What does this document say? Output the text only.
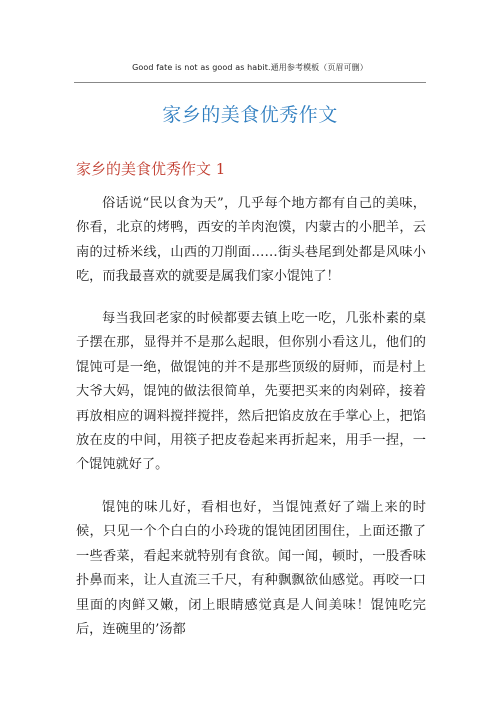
Good fate is not as good as habit.通用参考模板（页眉可删）
家乡的美食优秀作文
家乡的美食优秀作文 1

俗话说“民以食为天”，几乎每个地方都有自己的美味，你看，北京的烤鸭，西安的羊肉泡馍，内蒙古的小肥羊，云南的过桥米线，山西的刀削面……街头巷尾到处都是风味小吃，而我最喜欢的就要是属我们家小馄饨了！

每当我回老家的时候都要去镇上吃一吃，几张朴素的桌子摆在那，显得并不是那么起眼，但你别小看这儿，他们的馄饨可是一绝，做馄饨的并不是那些顶级的厨师，而是村上大爷大妈，馄饨的做法很简单，先要把买来的肉剁碎，接着再放相应的调料搅拌搅拌，然后把馅皮放在手掌心上，把馅放在皮的中间，用筷子把皮卷起来再折起来，用手一捏，一个馄饨就好了。

馄饨的味儿好，看相也好，当馄饨煮好了端上来的时候，只见一个个白白的小玲珑的馄饨团团围住，上面还撒了一些香菜，看起来就特别有食欲。闻一闻，顿时，一股香味扑鼻而来，让人直流三千尺，有种飘飘欲仙感觉。再咬一口里面的肉鲜又嫩，闭上眼睛感觉真是人间美味！馄饨吃完后，连碗里的’汤都
